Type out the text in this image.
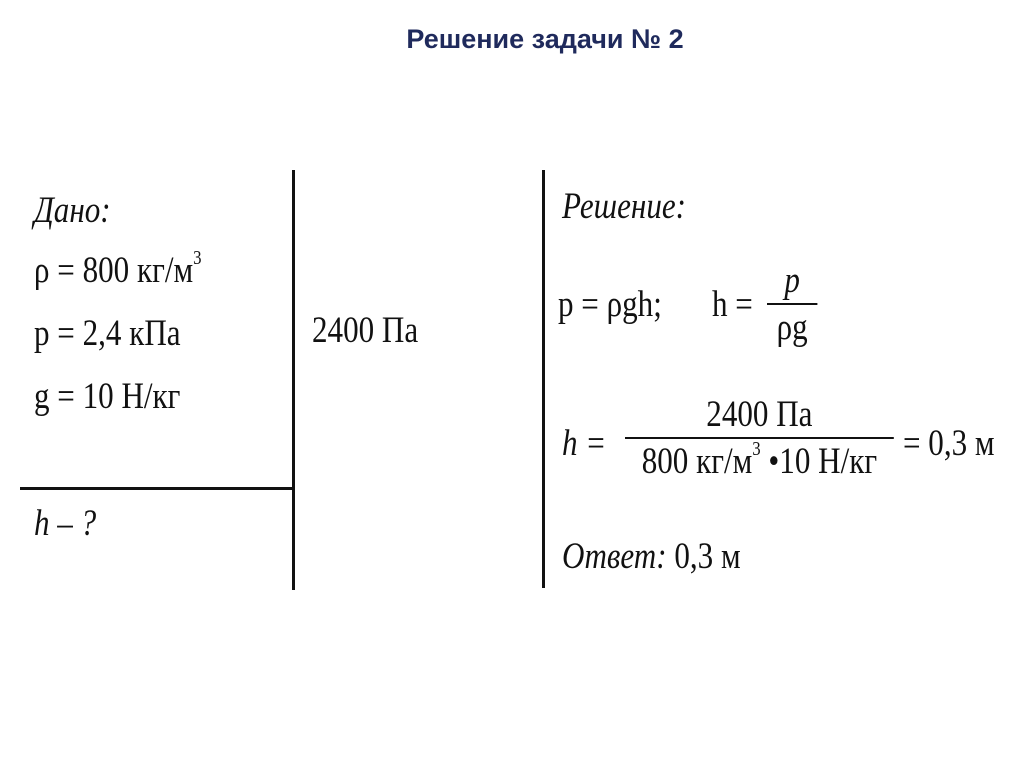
Решение задачи № 2
Дано:
ρ = 800 $кг/м^3$
р = 2,4 кПа
g = 10 Н/кг
h – ?
2400 Па
Решение:
p = ρgh; h =
p
ρg
h =
2400 Па
800 $кг/м^3$ •10 Н/кг = 0,3 м
Ответ: 0,3 м
